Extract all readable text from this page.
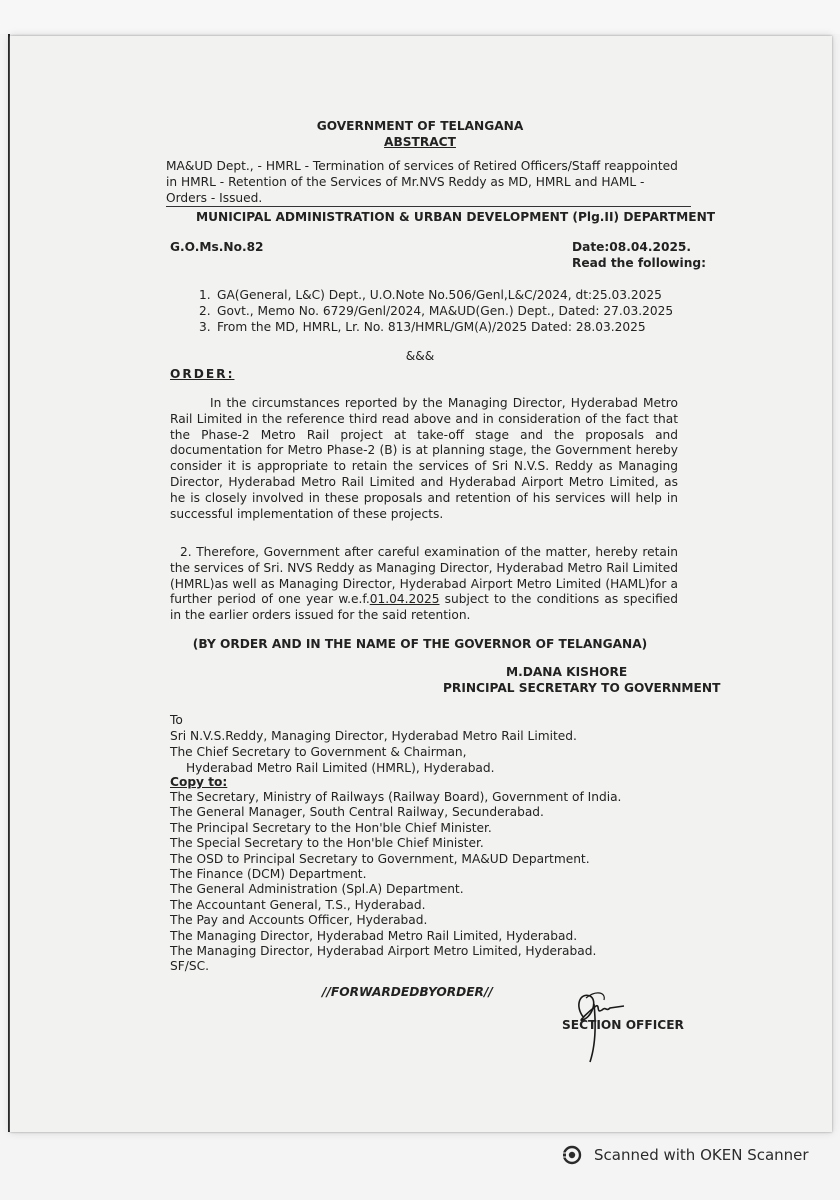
GOVERNMENT OF TELANGANA
ABSTRACT
MA&UD Dept., - HMRL - Termination of services of Retired Officers/Staff reappointed in HMRL - Retention of the Services of Mr.NVS Reddy as MD, HMRL and HAML - Orders - Issued.
MUNICIPAL ADMINISTRATION & URBAN DEVELOPMENT (Plg.II) DEPARTMENT
G.O.Ms.No.82	Date:08.04.2025.
Read the following:
1. GA(General, L&C) Dept., U.O.Note No.506/Genl,L&C/2024, dt:25.03.2025
2. Govt., Memo No. 6729/Genl/2024, MA&UD(Gen.) Dept., Dated: 27.03.2025
3. From the MD, HMRL, Lr. No. 813/HMRL/GM(A)/2025 Dated: 28.03.2025
&&&
ORDER:
In the circumstances reported by the Managing Director, Hyderabad Metro Rail Limited in the reference third read above and in consideration of the fact that the Phase-2 Metro Rail project at take-off stage and the proposals and documentation for Metro Phase-2 (B) is at planning stage, the Government hereby consider it is appropriate to retain the services of Sri N.V.S. Reddy as Managing Director, Hyderabad Metro Rail Limited and Hyderabad Airport Metro Limited, as he is closely involved in these proposals and retention of his services will help in successful implementation of these projects.
2. Therefore, Government after careful examination of the matter, hereby retain the services of Sri. NVS Reddy as Managing Director, Hyderabad Metro Rail Limited (HMRL)as well as Managing Director, Hyderabad Airport Metro Limited (HAML)for a further period of one year w.e.f.01.04.2025 subject to the conditions as specified in the earlier orders issued for the said retention.
(BY ORDER AND IN THE NAME OF THE GOVERNOR OF TELANGANA)
M.DANA KISHORE
PRINCIPAL SECRETARY TO GOVERNMENT
To
Sri N.V.S.Reddy, Managing Director, Hyderabad Metro Rail Limited.
The Chief Secretary to Government & Chairman,
Hyderabad Metro Rail Limited (HMRL), Hyderabad.
Copy to:
The Secretary, Ministry of Railways (Railway Board), Government of India.
The General Manager, South Central Railway, Secunderabad.
The Principal Secretary to the Hon'ble Chief Minister.
The Special Secretary to the Hon'ble Chief Minister.
The OSD to Principal Secretary to Government, MA&UD Department.
The Finance (DCM) Department.
The General Administration (Spl.A) Department.
The Accountant General, T.S., Hyderabad.
The Pay and Accounts Officer, Hyderabad.
The Managing Director, Hyderabad Metro Rail Limited, Hyderabad.
The Managing Director, Hyderabad Airport Metro Limited, Hyderabad.
SF/SC.
//FORWARDEDBYORDER//
SECTION OFFICER
Scanned with OKEN Scanner
